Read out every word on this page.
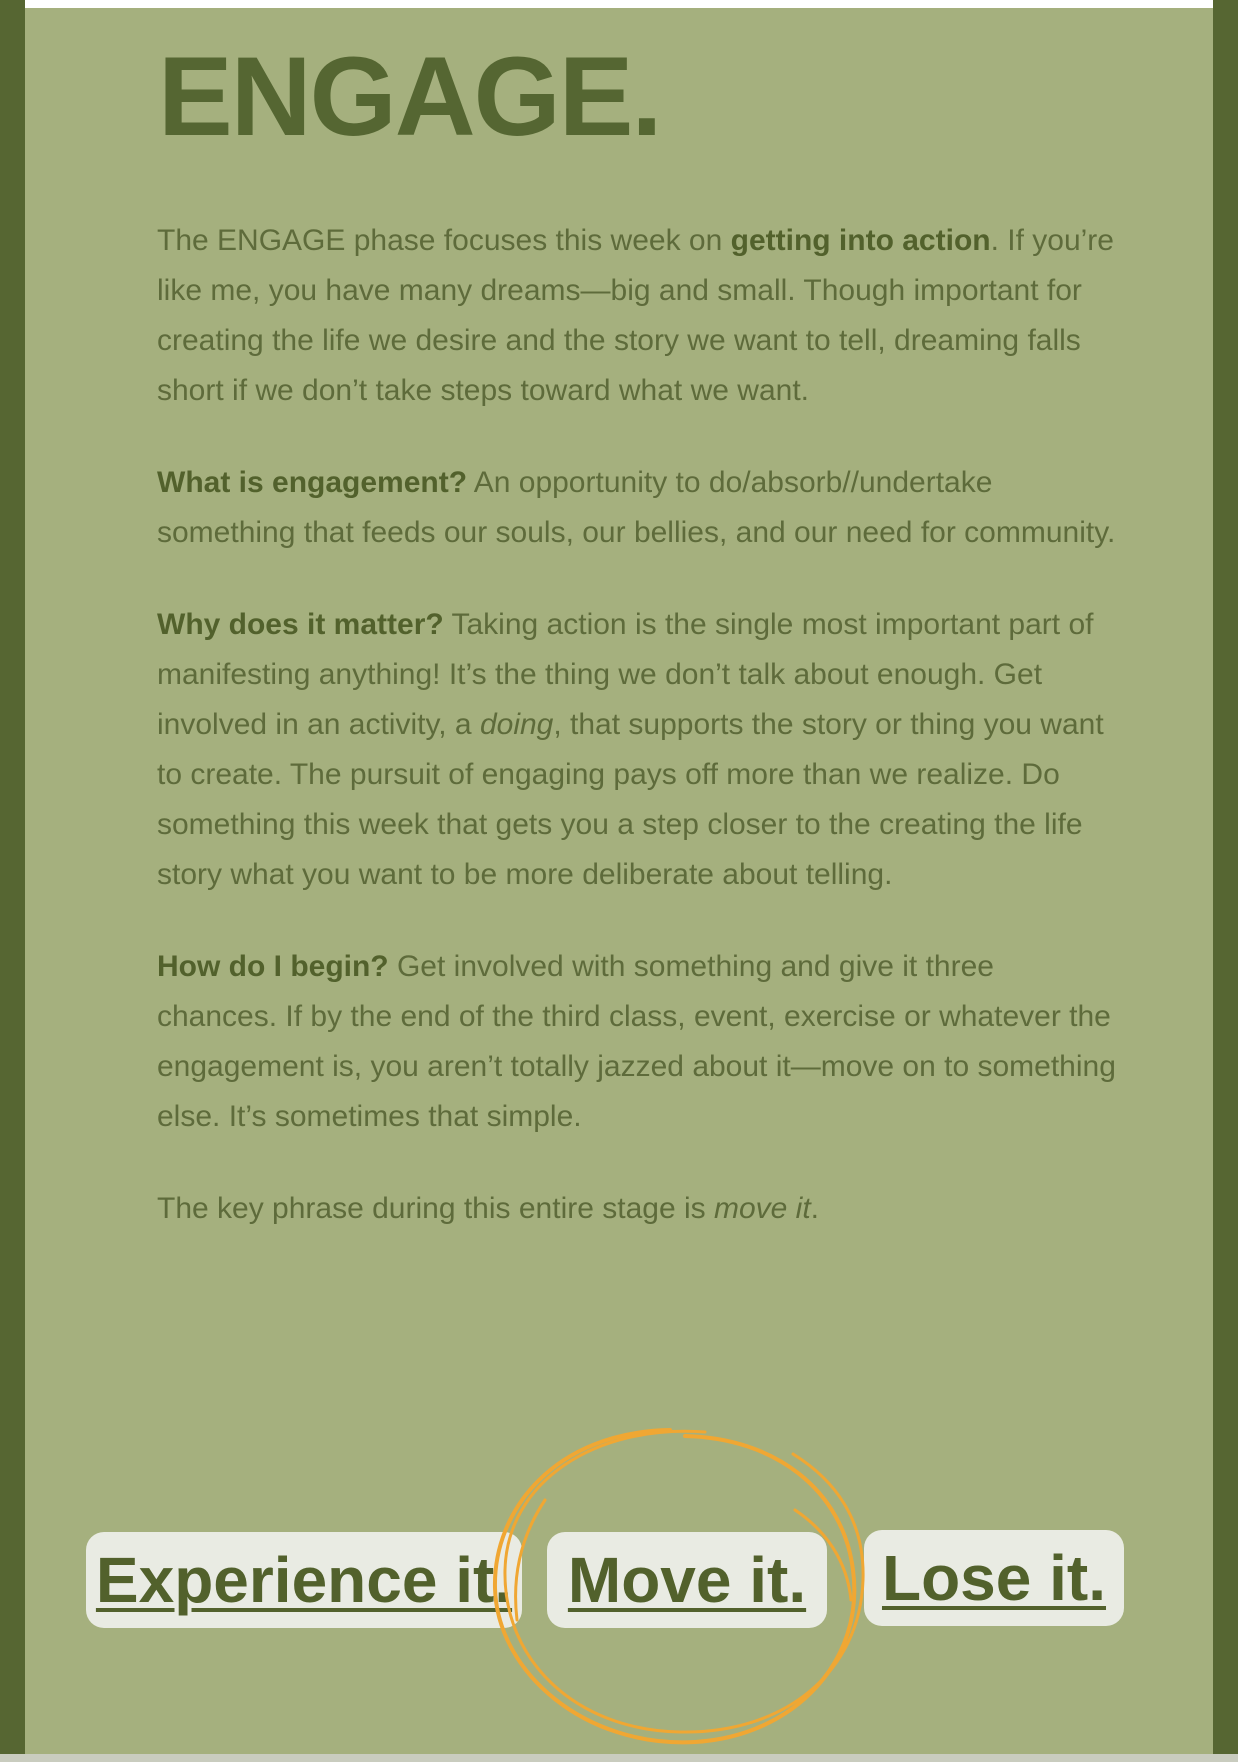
ENGAGE.

The ENGAGE phase focuses this week on getting into action. If you’re like me, you have many dreams—big and small. Though important for creating the life we desire and the story we want to tell, dreaming falls short if we don’t take steps toward what we want.

What is engagement? An opportunity to do/absorb//undertake something that feeds our souls, our bellies, and our need for community.

Why does it matter? Taking action is the single most important part of manifesting anything! It’s the thing we don’t talk about enough. Get involved in an activity, a doing, that supports the story or thing you want to create. The pursuit of engaging pays off more than we realize. Do something this week that gets you a step closer to the creating the life story what you want to be more deliberate about telling.

How do I begin? Get involved with something and give it three chances. If by the end of the third class, event, exercise or whatever the engagement is, you aren’t totally jazzed about it—move on to something else. It’s sometimes that simple.

The key phrase during this entire stage is move it.

Experience it. Move it.	Lose it.
